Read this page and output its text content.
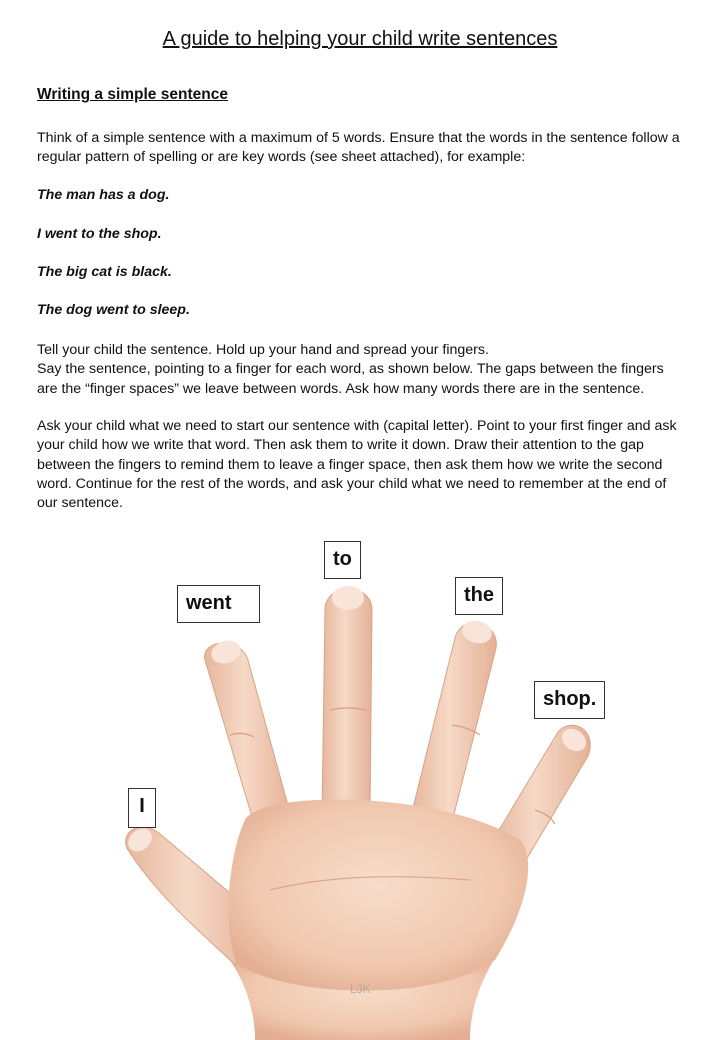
A guide to helping your child write sentences
Writing a simple sentence
Think of a simple sentence with a maximum of 5 words. Ensure that the words in the sentence follow a regular pattern of spelling or are key words (see sheet attached), for example:
The man has a dog.
I went to the shop.
The big cat is black.
The dog went to sleep.
Tell your child the sentence. Hold up your hand and spread your fingers.
Say the sentence, pointing to a finger for each word, as shown below. The gaps between the fingers are the “finger spaces” we leave between words. Ask how many words there are in the sentence.
Ask your child what we need to start our sentence with (capital letter). Point to your first finger and ask your child how we write that word. Then ask them to write it down. Draw their attention to the gap between the fingers to remind them to leave a finger space, then ask them how we write the second word. Continue for the rest of the words, and ask your child what we need to remember at the end of our sentence.
to
the
went
shop.
I
LJK
